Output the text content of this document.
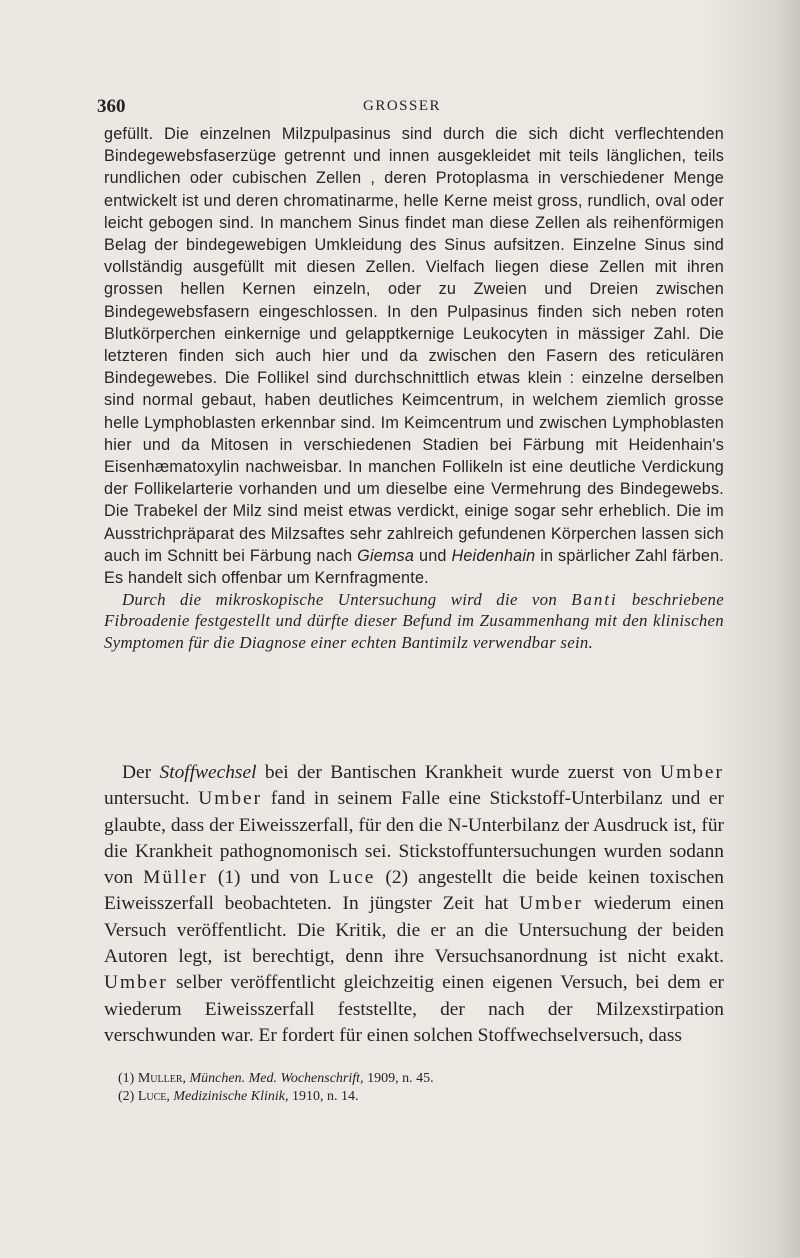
360	GROSSER

gefüllt. Die einzelnen Milzpulpasinus sind durch die sich dicht verflechtenden Bindegewebsfaserzüge getrennt und innen ausgekleidet mit teils länglichen, teils rundlichen oder cubischen Zellen , deren Protoplasma in verschiedener Menge entwickelt ist und deren chromatinarme, helle Kerne meist gross, rundlich, oval oder leicht gebogen sind. In manchem Sinus findet man diese Zellen als reihenförmigen Belag der bindegewebigen Umkleidung des Sinus aufsitzen. Einzelne Sinus sind vollständig ausgefüllt mit diesen Zellen. Vielfach liegen diese Zellen mit ihren grossen hellen Kernen einzeln, oder zu Zweien und Dreien zwischen Bindegewebsfasern eingeschlossen. In den Pulpasinus finden sich neben roten Blutkörperchen einkernige und gelapptkernige Leukocyten in mässiger Zahl. Die letzteren finden sich auch hier und da zwischen den Fasern des reticulären Bindegewebes. Die Follikel sind durchschnittlich etwas klein : einzelne derselben sind normal gebaut, haben deutliches Keimcentrum, in welchem ziemlich grosse helle Lymphoblasten erkennbar sind. Im Keimcentrum und zwischen Lymphoblasten hier und da Mitosen in verschiedenen Stadien bei Färbung mit Heidenhain's Eisenhæmatoxylin nachweisbar. In manchen Follikeln ist eine deutliche Verdickung der Follikelarterie vorhanden und um dieselbe eine Vermehrung des Bindegewebs. Die Trabekel der Milz sind meist etwas verdickt, einige sogar sehr erheblich. Die im Ausstrichpräparat des Milzsaftes sehr zahlreich gefundenen Körperchen lassen sich auch im Schnitt bei Färbung nach Giemsa und Heidenhain in spärlicher Zahl färben. Es handelt sich offenbar um Kernfragmente.

Durch die mikroskopische Untersuchung wird die von Banti beschriebene Fibroadenie festgestellt und dürfte dieser Befund im Zusammenhang mit den klinischen Symptomen für die Diagnose einer echten Bantimilz verwendbar sein.

Der Stoffwechsel bei der Bantischen Krankheit wurde zuerst von Umber untersucht. Umber fand in seinem Falle eine Stickstoff-Unterbilanz und er glaubte, dass der Eiweisszerfall, für den die N-Unterbilanz der Ausdruck ist, für die Krankheit pathognomonisch sei. Stickstoffuntersuchungen wurden sodann von Müller (1) und von Luce (2) angestellt die beide keinen toxischen Eiweisszerfall beobachteten. In jüngster Zeit hat Umber wiederum einen Versuch veröffentlicht. Die Kritik, die er an die Untersuchung der beiden Autoren legt, ist berechtigt, denn ihre Versuchsanordnung ist nicht exakt. Umber selber veröffentlicht gleichzeitig einen eigenen Versuch, bei dem er wiederum Eiweisszerfall feststellte, der nach der Milzexstirpation verschwunden war. Er fordert für einen solchen Stoffwechselversuch, dass

(1) Muller, München. Med. Wochenschrift, 1909, n. 45.
(2) Luce, Medizinische Klinik, 1910, n. 14.
